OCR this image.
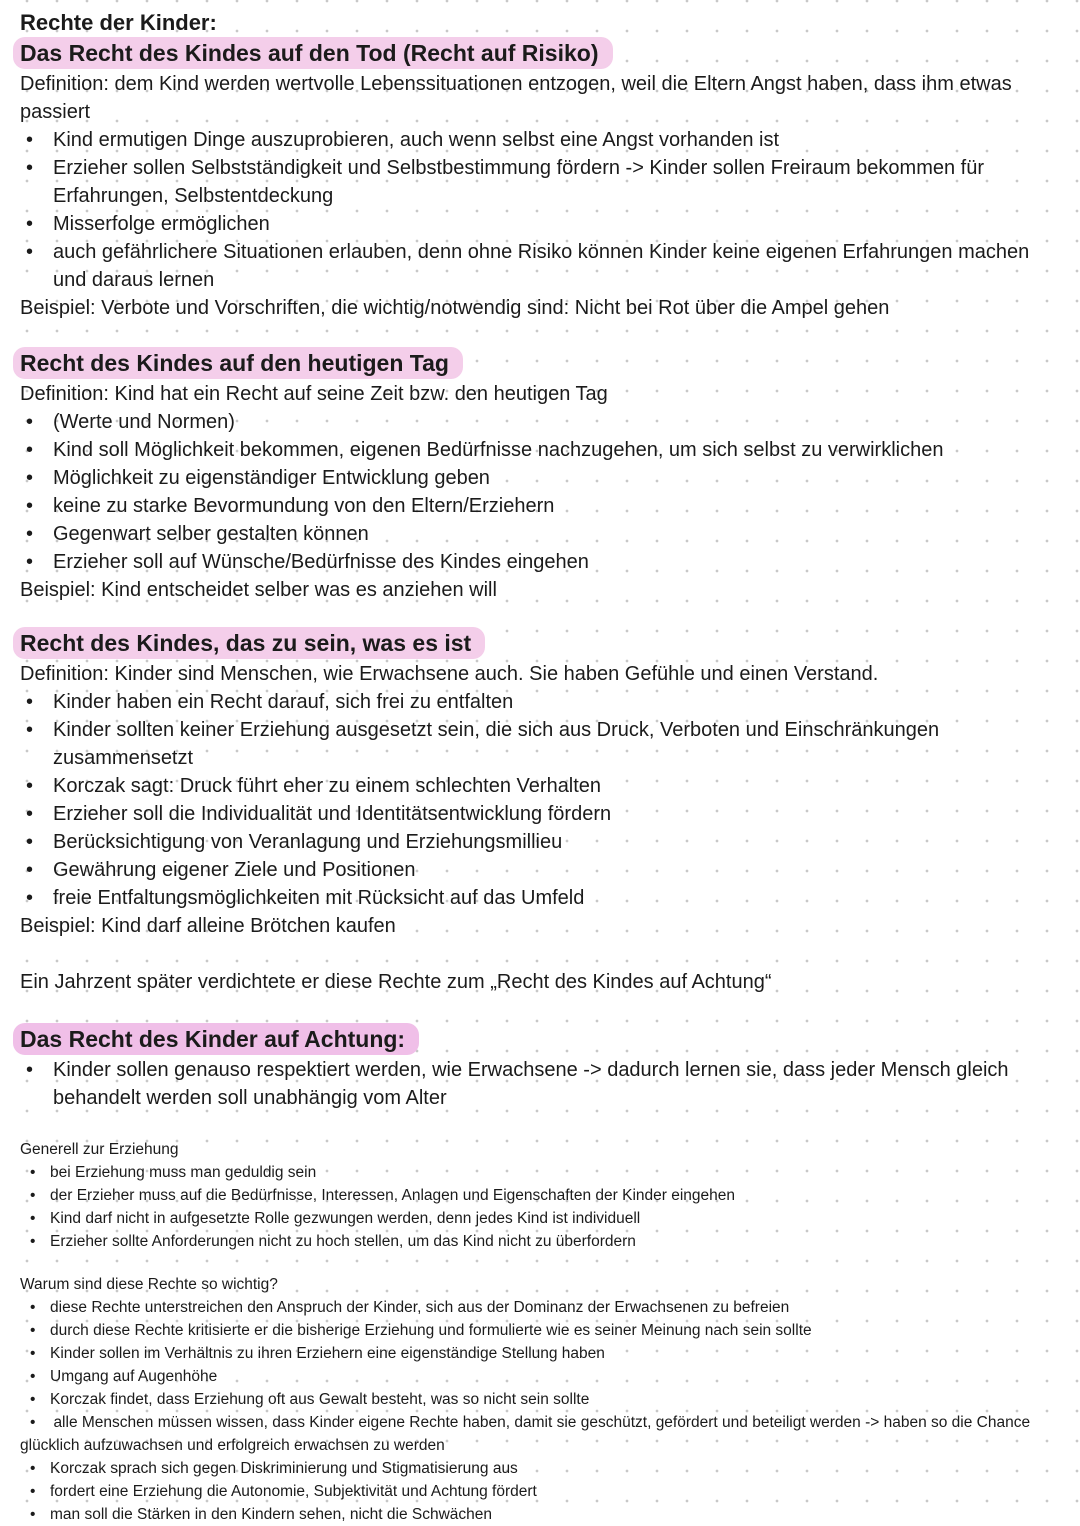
Rechte der Kinder:

Das Recht des Kindes auf den Tod (Recht auf Risiko)

Definition: dem Kind werden wertvolle Lebenssituationen entzogen, weil die Eltern Angst haben, dass ihm etwas passiert

• Kind ermutigen Dinge auszuprobieren, auch wenn selbst eine Angst vorhanden ist
• Erzieher sollen Selbstständigkeit und Selbstbestimmung fördern -> Kinder sollen Freiraum bekommen für Erfahrungen, Selbstentdeckung
• Misserfolge ermöglichen
• auch gefährlichere Situationen erlauben, denn ohne Risiko können Kinder keine eigenen Erfahrungen machen und daraus lernen

Beispiel: Verbote und Vorschriften, die wichtig/notwendig sind: Nicht bei Rot über die Ampel gehen

Recht des Kindes auf den heutigen Tag

Definition: Kind hat ein Recht auf seine Zeit bzw. den heutigen Tag

• (Werte und Normen)
• Kind soll Möglichkeit bekommen, eigenen Bedürfnisse nachzugehen, um sich selbst zu verwirklichen
• Möglichkeit zu eigenständiger Entwicklung geben
• keine zu starke Bevormundung von den Eltern/Erziehern
• Gegenwart selber gestalten können
• Erzieher soll auf Wünsche/Bedürfnisse des Kindes eingehen

Beispiel: Kind entscheidet selber was es anziehen will

Recht des Kindes, das zu sein, was es ist

Definition: Kinder sind Menschen, wie Erwachsene auch. Sie haben Gefühle und einen Verstand.

• Kinder haben ein Recht darauf, sich frei zu entfalten
• Kinder sollten keiner Erziehung ausgesetzt sein, die sich aus Druck, Verboten und Einschränkungen zusammensetzt
• Korczak sagt: Druck führt eher zu einem schlechten Verhalten
• Erzieher soll die Individualität und Identitätsentwicklung fördern
• Berücksichtigung von Veranlagung und Erziehungsmillieu
• Gewährung eigener Ziele und Positionen
• freie Entfaltungsmöglichkeiten mit Rücksicht auf das Umfeld

Beispiel: Kind darf alleine Brötchen kaufen

Ein Jahrzent später verdichtete er diese Rechte zum „Recht des Kindes auf Achtung“

Das Recht des Kinder auf Achtung:
• Kinder sollen genauso respektiert werden, wie Erwachsene -> dadurch lernen sie, dass jeder Mensch gleich behandelt werden soll unabhängig vom Alter

Generell zur Erziehung

• bei Erziehung muss man geduldig sein
• der Erzieher muss auf die Bedürfnisse, Interessen, Anlagen und Eigenschaften der Kinder eingehen
• Kind darf nicht in aufgesetzte Rolle gezwungen werden, denn jedes Kind ist individuell
• Erzieher sollte Anforderungen nicht zu hoch stellen, um das Kind nicht zu überfordern

Warum sind diese Rechte so wichtig?

• diese Rechte unterstreichen den Anspruch der Kinder, sich aus der Dominanz der Erwachsenen zu befreien
• durch diese Rechte kritisierte er die bisherige Erziehung und formulierte wie es seiner Meinung nach sein sollte
• Kinder sollen im Verhältnis zu ihren Erziehern eine eigenständige Stellung haben
• Umgang auf Augenhöhe
• Korczak findet, dass Erziehung oft aus Gewalt besteht, was so nicht sein sollte
• alle Menschen müssen wissen, dass Kinder eigene Rechte haben, damit sie geschützt, gefördert und beteiligt werden -> haben so die Chance glücklich aufzuwachsen und erfolgreich erwachsen zu werden
• Korczak sprach sich gegen Diskriminierung und Stigmatisierung aus
• fordert eine Erziehung die Autonomie, Subjektivität und Achtung fördert
• man soll die Stärken in den Kindern sehen, nicht die Schwächen
